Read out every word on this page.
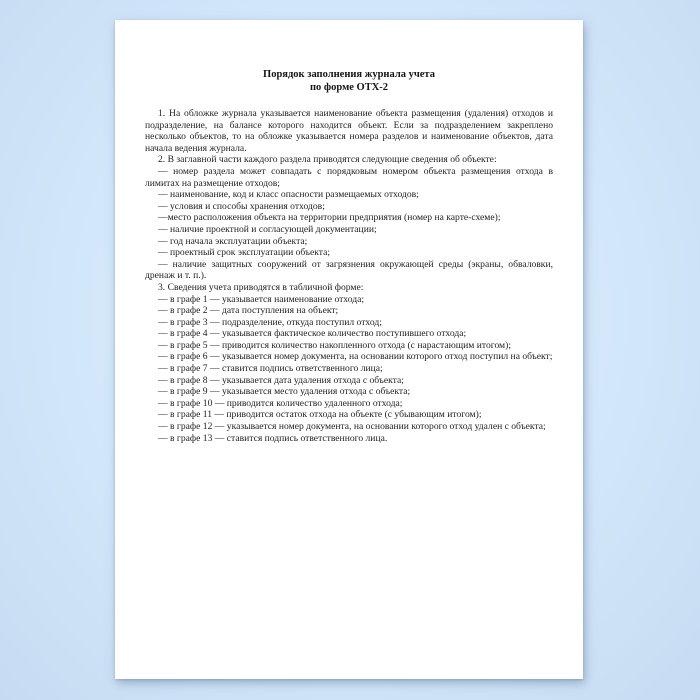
Порядок заполнения журнала учета
по форме ОТХ-2

1. На обложке журнала указывается наименование объекта размещения (удаления) отходов и подразделение, на балансе которого находится объект. Если за подразделением закреплено несколько объектов, то на обложке указывается номера разделов и наименование объектов, дата начала ведения журнала.

2. В заглавной части каждого раздела приводятся следующие сведения об объекте:

— номер раздела может совпадать с порядковым номером объекта размещения отхода в лимитах на размещение отходов;

— наименование, код и класс опасности размещаемых отходов;

— условия и способы хранения отходов;

—место расположения объекта на территории предприятия (номер на карте-схеме);

— наличие проектной и согласующей документации;

— год начала эксплуатации объекта;

— проектный срок эксплуатации объекта;

— наличие защитных сооружений от загрязнения окружающей среды (экраны, обваловки, дренаж и т. п.).

3. Сведения учета приводятся в табличной форме:

— в графе 1 — указывается наименование отхода;

— в графе 2 — дата поступления на объект;

— в графе 3 — подразделение, откуда поступил отход;

— в графе 4 — указывается фактическое количество поступившего отхода;

— в графе 5 — приводится количество накопленного отхода (с нарастающим итогом);

— в графе 6 — указывается номер документа, на основании которого отход поступил на объект;

— в графе 7 — ставится подпись ответственного лица;

— в графе 8 — указывается дата удаления отхода с объекта;

— в графе 9 — указывается место удаления отхода с объекта;

— в графе 10 — приводится количество удаленного отхода;

— в графе 11 — приводится остаток отхода на объекте (с убывающим итогом);

— в графе 12 — указывается номер документа, на основании которого отход удален с объекта;

— в графе 13 — ставится подпись ответственного лица.
